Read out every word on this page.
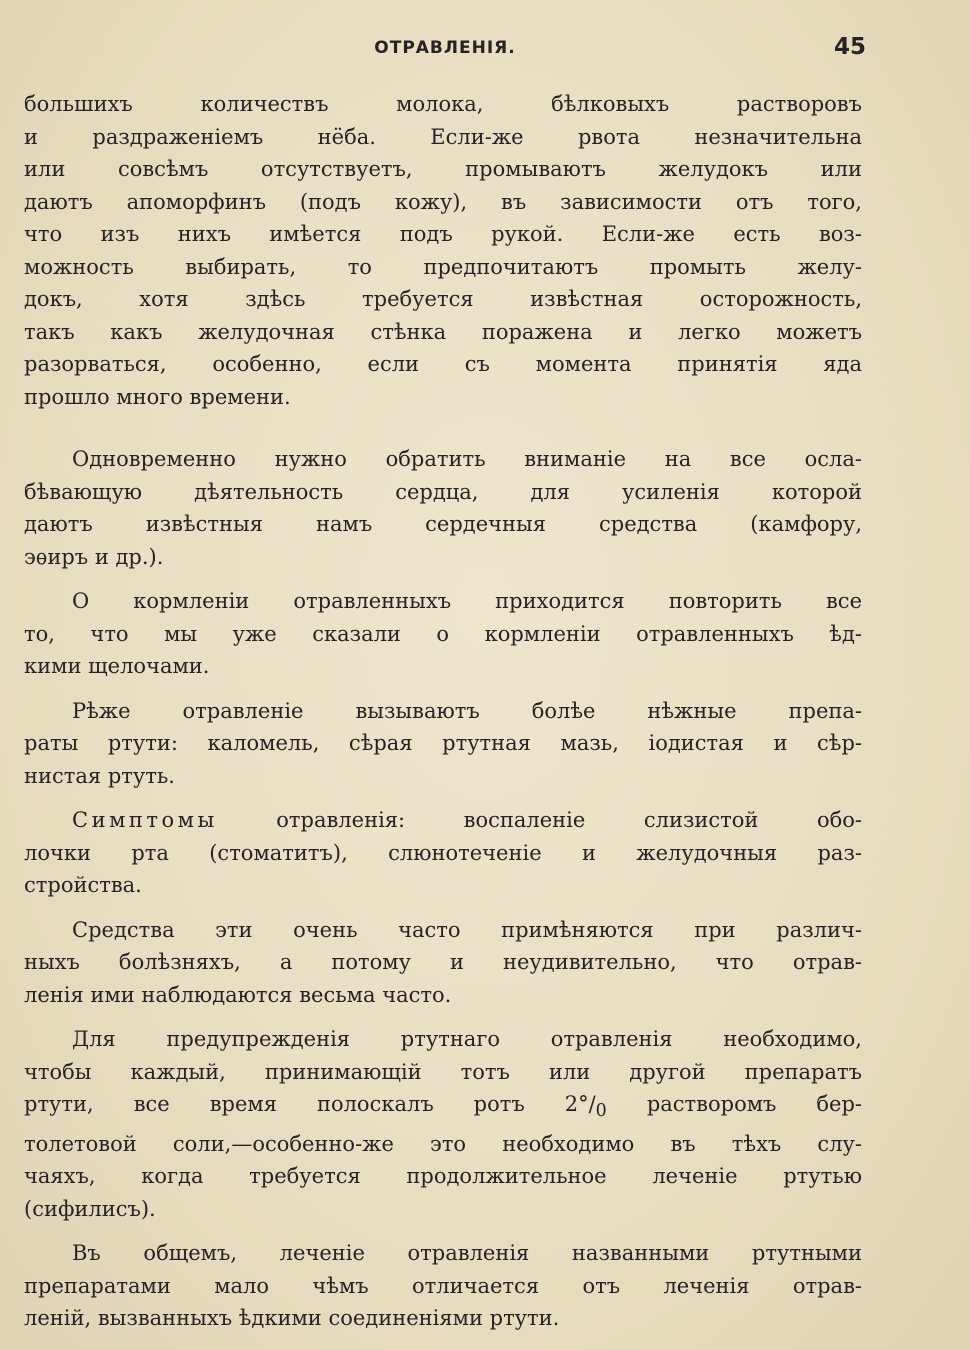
ОТРАВЛЕНІЯ.	45

большихъ количествъ молока, бѣлковыхъ растворовъ
и раздраженіемъ нёба. Если-же рвота незначительна
или совсѣмъ отсутствуетъ, промываютъ желудокъ или
даютъ апоморфинъ (подъ кожу), въ зависимости отъ того,
что изъ нихъ имѣется подъ рукой. Если-же есть воз-
можность выбирать, то предпочитаютъ промыть желу-
докъ, хотя здѣсь требуется извѣстная осторожность,
такъ какъ желудочная стѣнка поражена и легко можетъ
разорваться, особенно, если съ момента принятія яда
прошло много времени.

Одновременно нужно обратить вниманіе на все осла-
бѣвающую дѣятельность сердца, для усиленія которой
даютъ извѣстныя намъ сердечныя средства (камфору,
эѳиръ и др.).

О кормленіи отравленныхъ приходится повторить все
то, что мы уже сказали о кормленіи отравленныхъ ѣд-
кими щелочами.

Рѣже отравленіе вызываютъ болѣе нѣжные препа-
раты ртути: каломель, сѣрая ртутная мазь, іодистая и сѣр-
нистая ртуть.

Симптомы отравленія: воспаленіе слизистой обо-
лочки рта (стоматитъ), слюнотеченіе и желудочныя раз-
стройства.

Средства эти очень часто примѣняются при различ-
ныхъ болѣзняхъ, а потому и неудивительно, что отрав-
ленія ими наблюдаются весьма часто.

Для предупрежденія ртутнаго отравленія необходимо,
чтобы каждый, принимающій тотъ или другой препаратъ
ртути, все время полоскалъ ротъ $2^\circ/_0$ растворомъ бер-
толетовой соли,—особенно-же это необходимо въ тѣхъ слу-
чаяхъ, когда требуется продолжительное леченіе ртутью
(сифилисъ).

Въ общемъ, леченіе отравленія названными ртутными
препаратами мало чѣмъ отличается отъ леченія отрав-
леній, вызванныхъ ѣдкими соединеніями ртути.
